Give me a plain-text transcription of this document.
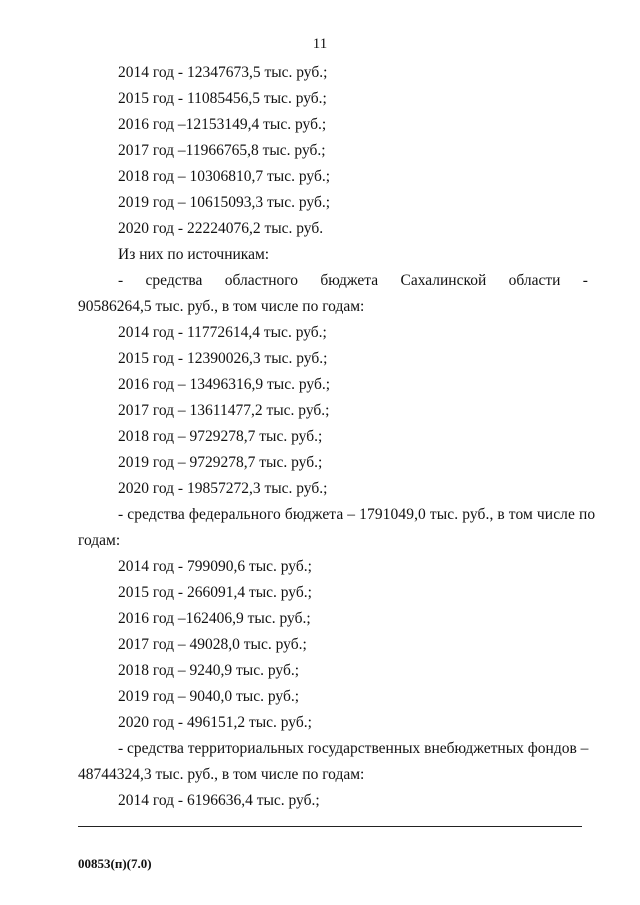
11
2014 год - 12347673,5 тыс. руб.;
2015 год - 11085456,5 тыс. руб.;
2016 год –12153149,4 тыс. руб.;
2017 год –11966765,8 тыс. руб.;
2018 год – 10306810,7 тыс. руб.;
2019 год – 10615093,3 тыс. руб.;
2020 год - 22224076,2 тыс. руб.
Из них по источникам:
- средства областного бюджета Сахалинской области -
90586264,5 тыс. руб., в том числе по годам:
2014 год - 11772614,4 тыс. руб.;
2015 год - 12390026,3 тыс. руб.;
2016 год – 13496316,9 тыс. руб.;
2017 год – 13611477,2 тыс. руб.;
2018 год – 9729278,7 тыс. руб.;
2019 год – 9729278,7 тыс. руб.;
2020 год - 19857272,3 тыс. руб.;
- средства федерального бюджета – 1791049,0 тыс. руб., в том числе по
годам:
2014 год - 799090,6 тыс. руб.;
2015 год - 266091,4 тыс. руб.;
2016 год –162406,9 тыс. руб.;
2017 год – 49028,0 тыс. руб.;
2018 год – 9240,9 тыс. руб.;
2019 год – 9040,0 тыс. руб.;
2020 год - 496151,2 тыс. руб.;
- средства территориальных государственных внебюджетных фондов –
48744324,3 тыс. руб., в том числе по годам:
2014 год - 6196636,4 тыс. руб.;
00853(п)(7.0)
